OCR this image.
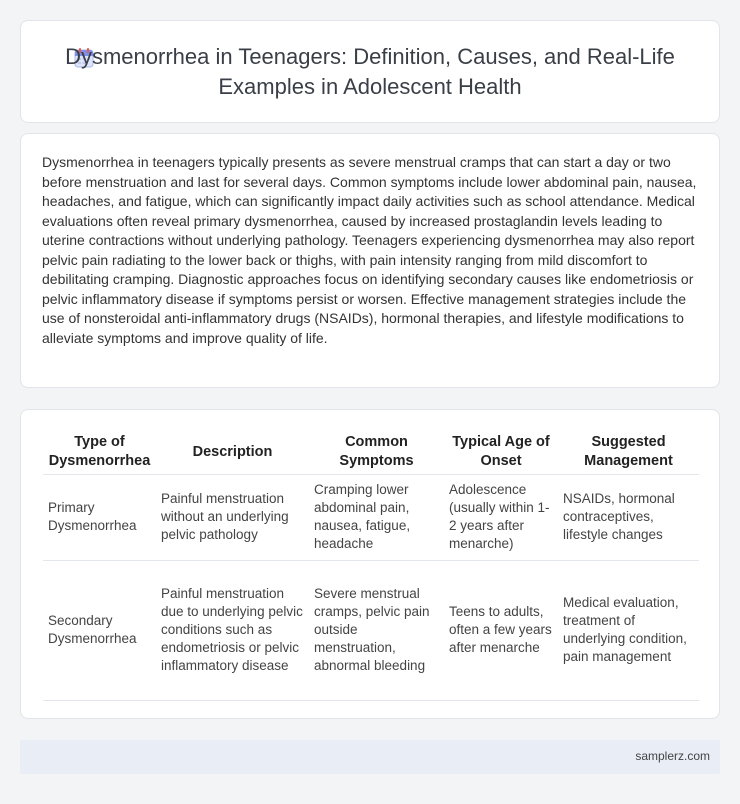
Dysmenorrhea in Teenagers: Definition, Causes, and Real-Life Examples in Adolescent Health

Dysmenorrhea in teenagers typically presents as severe menstrual cramps that can start a day or two before menstruation and last for several days. Common symptoms include lower abdominal pain, nausea, headaches, and fatigue, which can significantly impact daily activities such as school attendance. Medical evaluations often reveal primary dysmenorrhea, caused by increased prostaglandin levels leading to uterine contractions without underlying pathology. Teenagers experiencing dysmenorrhea may also report pelvic pain radiating to the lower back or thighs, with pain intensity ranging from mild discomfort to debilitating cramping. Diagnostic approaches focus on identifying secondary causes like endometriosis or pelvic inflammatory disease if symptoms persist or worsen. Effective management strategies include the use of nonsteroidal anti-inflammatory drugs (NSAIDs), hormonal therapies, and lifestyle modifications to alleviate symptoms and improve quality of life.

Type of Dysmenorrhea	Description	Common Symptoms	Typical Age of Onset	Suggested Management
Primary Dysmenorrhea	Painful menstruation without an underlying pelvic pathology	Cramping lower abdominal pain, nausea, fatigue, headache	Adolescence (usually within 1-2 years after menarche)	NSAIDs, hormonal contraceptives, lifestyle changes
Secondary Dysmenorrhea	Painful menstruation due to underlying pelvic conditions such as endometriosis or pelvic inflammatory disease	Severe menstrual cramps, pelvic pain outside menstruation, abnormal bleeding	Teens to adults, often a few years after menarche	Medical evaluation, treatment of underlying condition, pain management
samplerz.com
